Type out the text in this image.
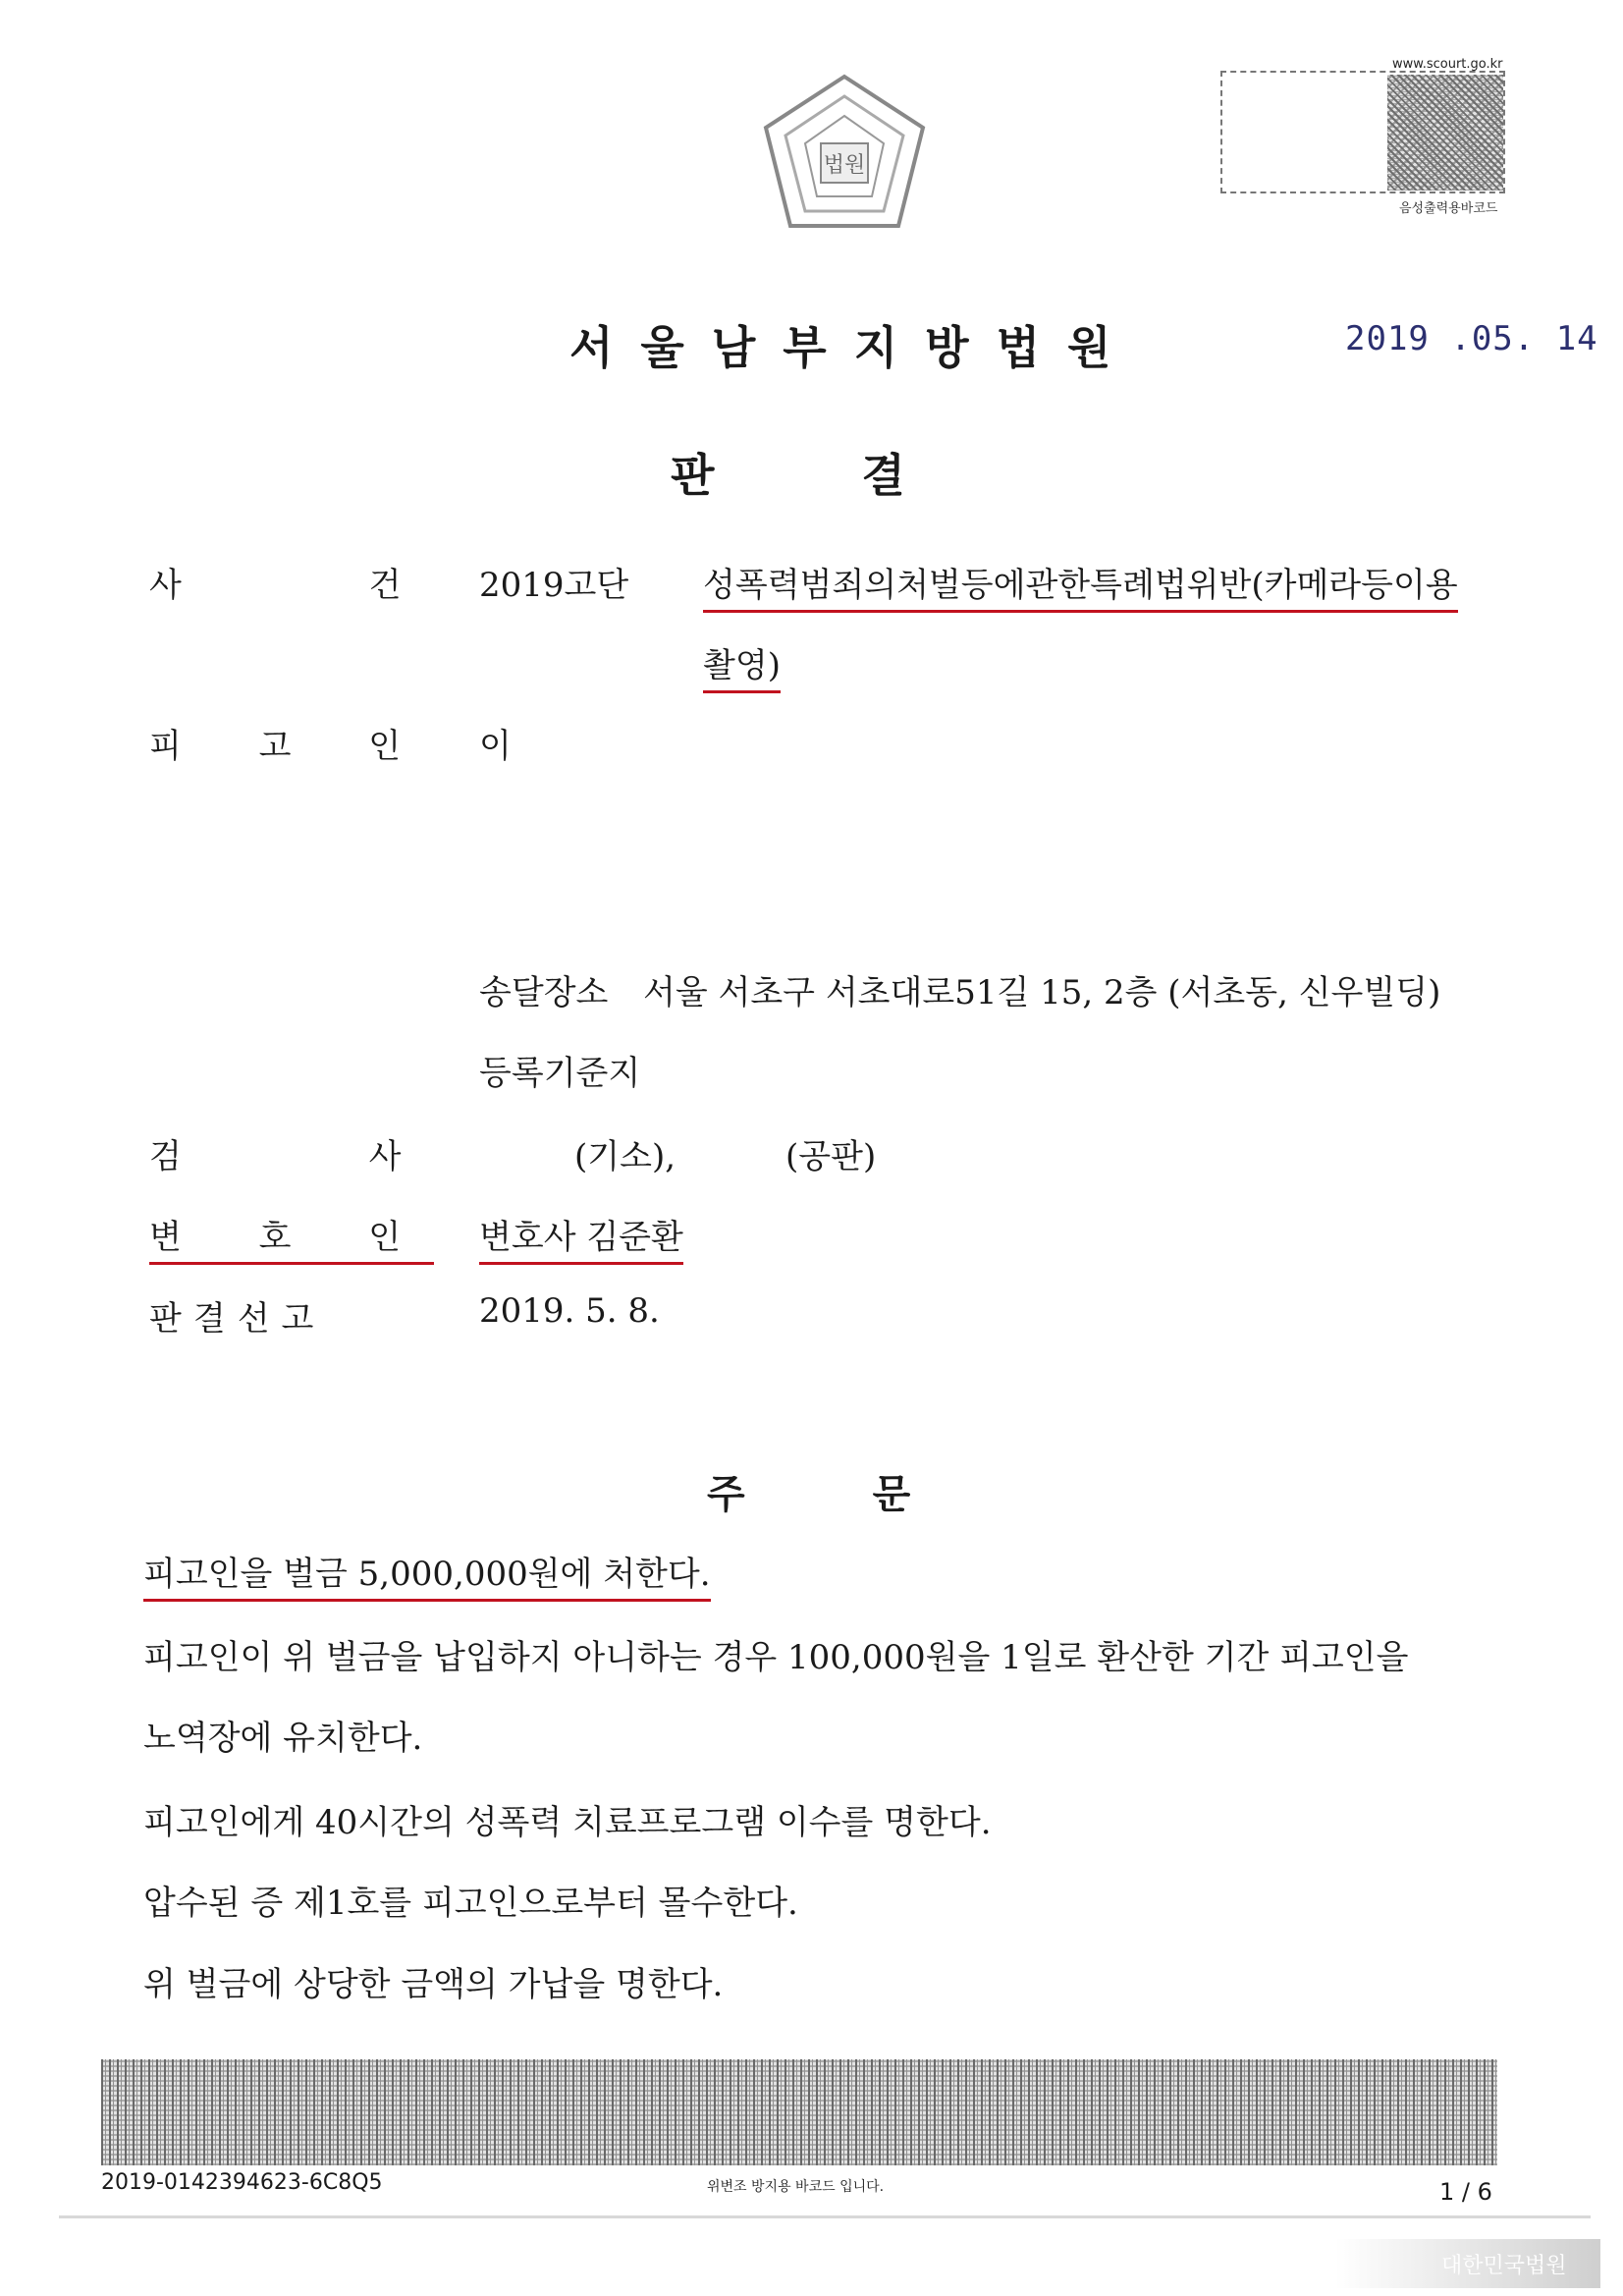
법원
www.scourt.go.kr
음성출력용바코드
서울남부지방법원	2019 .05. 14
판결
사 건
2019고단 성폭력범죄의처벌등에관한특례법위반(카메라등이용
촬영)
피 고 인 이
송달장소 서울 서초구 서초대로51길 15, 2층 (서초동, 신우빌딩)
등록기준지
검 사	(기소),	(공판)
변 호 인 변호사 김준환
판결선고	2019. 5. 8.
주문
피고인을 벌금 5,000,000원에 처한다.
피고인이 위 벌금을 납입하지 아니하는 경우 100,000원을 1일로 환산한 기간 피고인을
노역장에 유치한다.
피고인에게 40시간의 성폭력 치료프로그램 이수를 명한다.
압수된 증 제1호를 피고인으로부터 몰수한다.
위 벌금에 상당한 금액의 가납을 명한다.
2019-0142394623-6C8Q5	위변조 방지용 바코드 입니다.	1 / 6
대한민국법원
